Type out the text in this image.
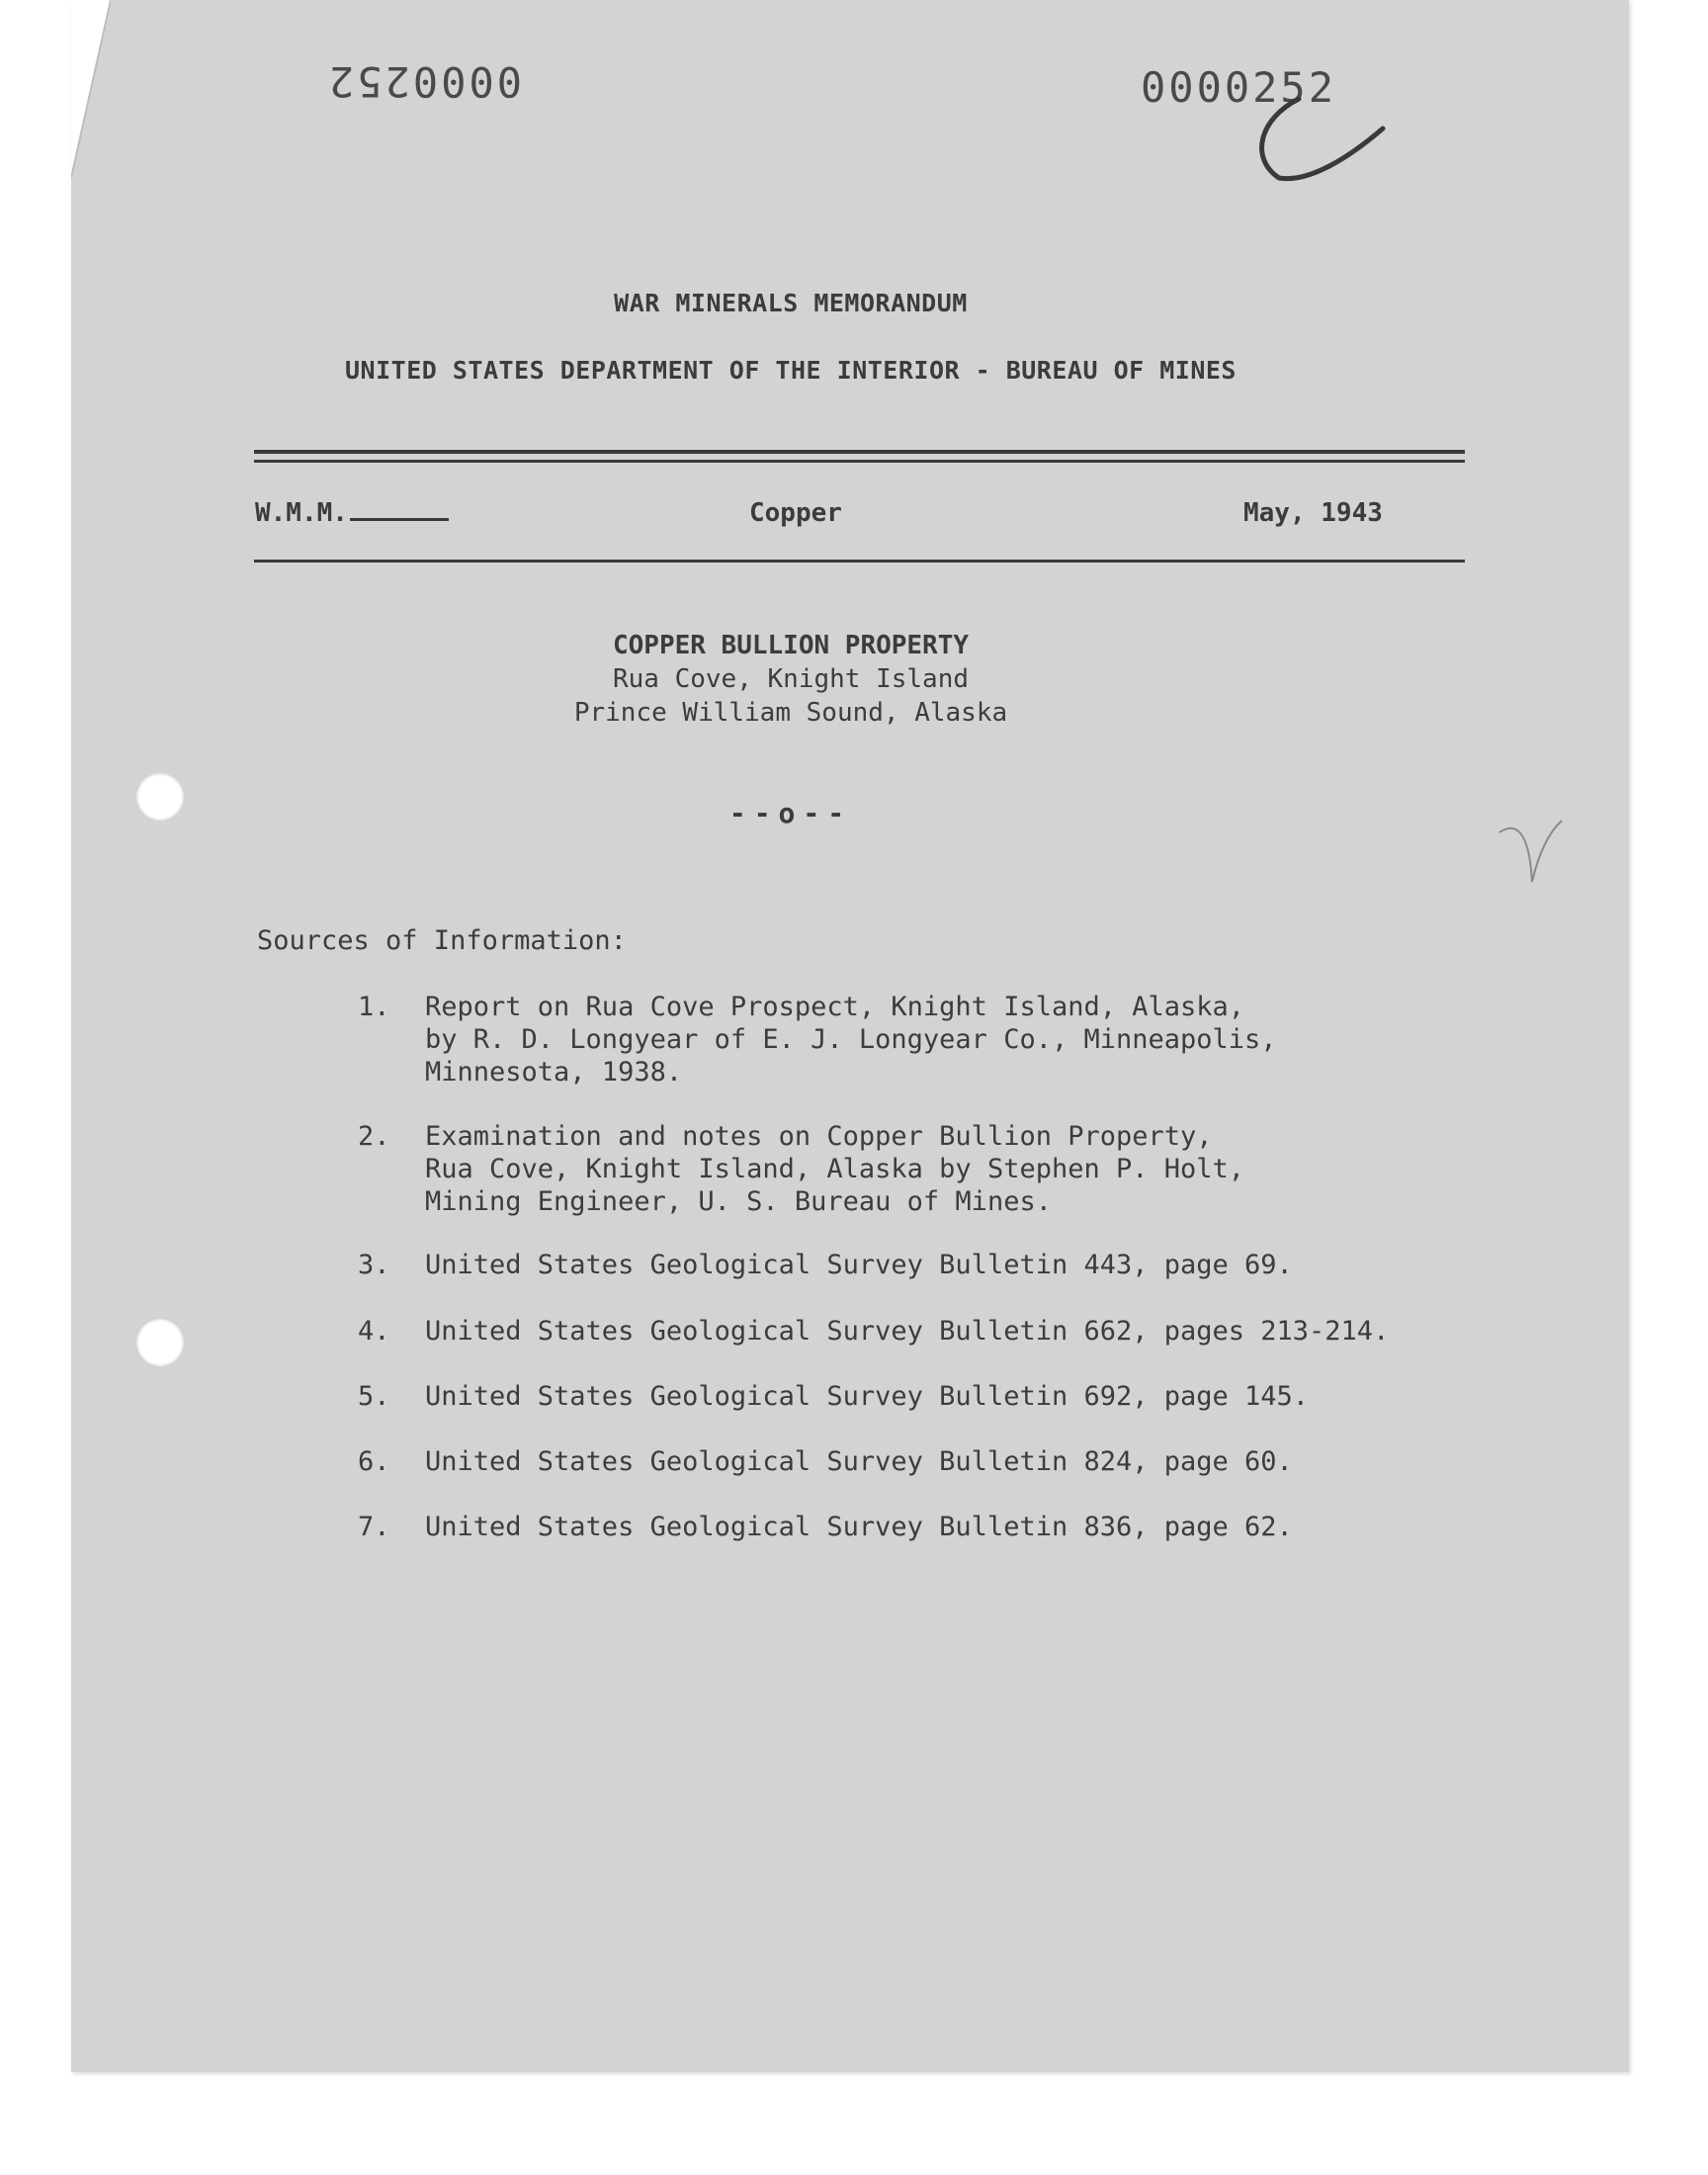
0000252	0000252
WAR MINERALS MEMORANDUM
UNITED STATES DEPARTMENT OF THE INTERIOR - BUREAU OF MINES
W.M.M.	Copper	May, 1943
COPPER BULLION PROPERTY
Rua Cove, Knight Island
Prince William Sound, Alaska
--o--
Sources of Information:
1. Report on Rua Cove Prospect, Knight Island, Alaska,
by R. D. Longyear of E. J. Longyear Co., Minneapolis,
Minnesota, 1938.
2. Examination and notes on Copper Bullion Property,
Rua Cove, Knight Island, Alaska by Stephen P. Holt,
Mining Engineer, U. S. Bureau of Mines.
3. United States Geological Survey Bulletin 443, page 69.
4. United States Geological Survey Bulletin 662, pages 213-214.
5. United States Geological Survey Bulletin 692, page 145.
6. United States Geological Survey Bulletin 824, page 60.
7. United States Geological Survey Bulletin 836, page 62.
